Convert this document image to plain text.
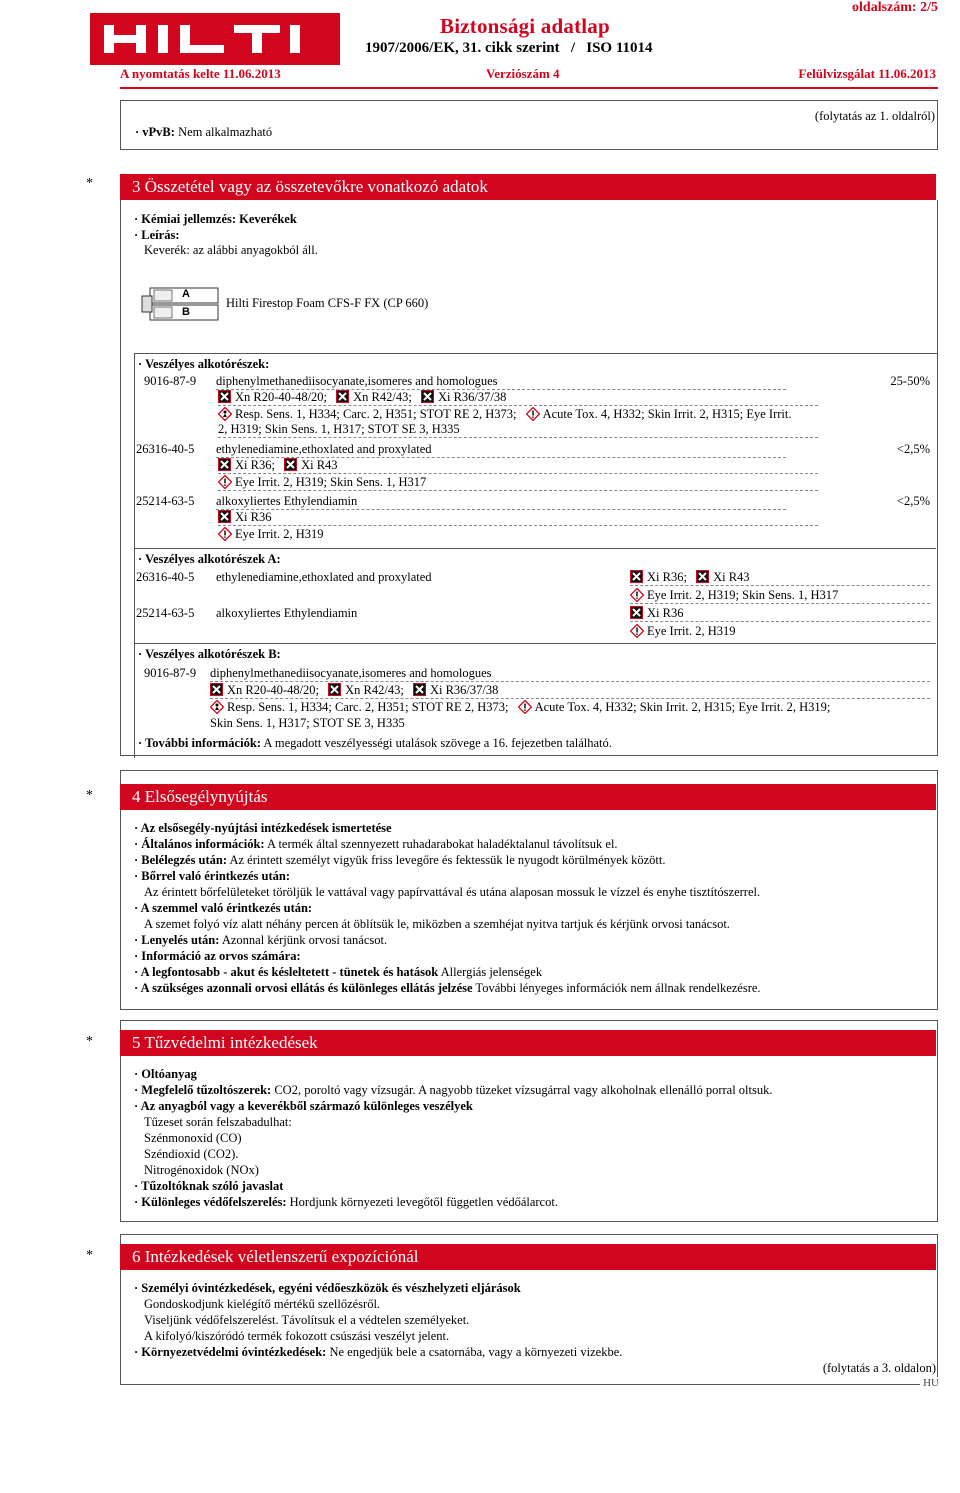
oldalszám: 2/5
Biztonsági adatlap
1907/2006/EK, 31. cikk szerint   /   ISO 11014
A nyomtatás kelte 11.06.2013	Verziószám 4	Felülvizsgálat 11.06.2013
· vPvB: Nem alkalmazható
(folytatás az 1. oldalról)
*	3 Összetétel vagy az összetevőkre vonatkozó adatok
· Kémiai jellemzés: Keverékek
· Leírás:
Keverék: az alábbi anyagokból áll.
A
B
Hilti Firestop Foam CFS-F FX (CP 660)
· Veszélyes alkotórészek:
9016-87-9 diphenylmethanediisocyanate,isomeres and homologues	25-50%
Xn R20-40-48/20; Xn R42/43; Xi R36/37/38
Resp. Sens. 1, H334; Carc. 2, H351; STOT RE 2, H373; Acute Tox. 4, H332; Skin Irrit. 2, H315; Eye Irrit.
2, H319; Skin Sens. 1, H317; STOT SE 3, H335
26316-40-5 ethylenediamine,ethoxlated and proxylated	<2,5%
Xi R36; Xi R43
Eye Irrit. 2, H319; Skin Sens. 1, H317
25214-63-5 alkoxyliertes Ethylendiamin	<2,5%
Xi R36
Eye Irrit. 2, H319
· Veszélyes alkotórészek A:
26316-40-5 ethylenediamine,ethoxlated and proxylated	Xi R36; Xi R43
Eye Irrit. 2, H319; Skin Sens. 1, H317
25214-63-5 alkoxyliertes Ethylendiamin	Xi R36
Eye Irrit. 2, H319
· Veszélyes alkotórészek B:
9016-87-9 diphenylmethanediisocyanate,isomeres and homologues
Xn R20-40-48/20; Xn R42/43; Xi R36/37/38
Resp. Sens. 1, H334; Carc. 2, H351; STOT RE 2, H373; Acute Tox. 4, H332; Skin Irrit. 2, H315; Eye Irrit. 2, H319;
Skin Sens. 1, H317; STOT SE 3, H335
· További információk: A megadott veszélyességi utalások szövege a 16. fejezetben található.
*	4 Elsősegélynyújtás
· Az elsősegély-nyújtási intézkedések ismertetése
· Általános információk: A termék által szennyezett ruhadarabokat haladéktalanul távolítsuk el.
· Belélegzés után: Az érintett személyt vigyük friss levegőre és fektessük le nyugodt körülmények között.
· Bőrrel való érintkezés után:
Az érintett bőrfelületeket töröljük le vattával vagy papírvattával és utána alaposan mossuk le vízzel és enyhe tisztítószerrel.
· A szemmel való érintkezés után:
A szemet folyó víz alatt néhány percen át öblítsük le, miközben a szemhéjat nyitva tartjuk és kérjünk orvosi tanácsot.
· Lenyelés után: Azonnal kérjünk orvosi tanácsot.
· Információ az orvos számára:
· A legfontosabb - akut és késleltetett - tünetek és hatások Allergiás jelenségek
· A szükséges azonnali orvosi ellátás és különleges ellátás jelzése További lényeges információk nem állnak rendelkezésre.
*	5 Tűzvédelmi intézkedések
· Oltóanyag
· Megfelelő tűzoltószerek: CO2, poroltó vagy vízsugár. A nagyobb tüzeket vízsugárral vagy alkoholnak ellenálló porral oltsuk.
· Az anyagból vagy a keverékből származó különleges veszélyek
Tűzeset során felszabadulhat:
Szénmonoxid (CO)
Széndioxid (CO2).
Nitrogénoxidok (NOx)
· Tűzoltóknak szóló javaslat
· Különleges védőfelszerelés: Hordjunk környezeti levegőtől független védőálarcot.
*	6 Intézkedések véletlenszerű expozíciónál
· Személyi óvintézkedések, egyéni védőeszközök és vészhelyzeti eljárások
Gondoskodjunk kielégítő mértékű szellőzésről.
Viseljünk védőfelszerelést. Távolítsuk el a védtelen személyeket.
A kifolyó/kiszóródó termék fokozott csúszási veszélyt jelent.
· Környezetvédelmi óvintézkedések: Ne engedjük bele a csatornába, vagy a környezeti vizekbe.
(folytatás a 3. oldalon)
HU
